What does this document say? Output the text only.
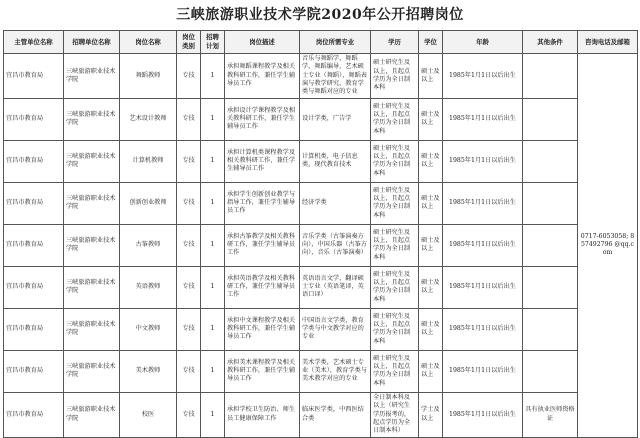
三峡旅游职业技术学院2020年公开招聘岗位
主管单位名称	招聘单位名称	岗位名称	岗位类别	招聘计划	岗位描述	岗位所需专业	学历	学位	年龄	其他条件	咨询电话及邮箱
宜昌市教育局	三峡旅游职业技术学院	舞蹈教师	专技	1	承担舞蹈课程教学及相关教科研工作，兼任学生辅导员工作	音乐与舞蹈学，舞蹈学，舞蹈编导，艺术硕士专业（舞蹈），舞蹈表演与教学研究，教育学类与舞蹈对应的专业	硕士研究生及以上，且起点学历为全日制本科	硕士及以上	1985年1月1日以后出生		0717-6053058; 857492796 @qq.com
宜昌市教育局	三峡旅游职业技术学院	艺术设计教师	专技	1	承担设计学课程教学及相关教科研工作，兼任学生辅导员工作	设计学类，广告学	硕士研究生及以上，且起点学历为全日制本科	硕士及以上	1985年1月1日以后出生		
宜昌市教育局	三峡旅游职业技术学院	计算机教师	专技	1	承担计算机类课程教学及相关教科研工作，兼任学生辅导员工作	计算机类，电子信息类，现代教育技术	硕士研究生及以上，且起点学历为全日制本科	硕士及以上	1985年1月1日以后出生		
宜昌市教育局	三峡旅游职业技术学院	创新创业教师	专技	1	承担学生创新创业教学与指导工作，兼任学生辅导员工作	经济学类	硕士研究生及以上，且起点学历为全日制本科	硕士及以上	1985年1月1日以后出生		
宜昌市教育局	三峡旅游职业技术学院	古筝教师	专技	1	承担古筝教学及相关教科研工作，兼任学生辅导员工作	音乐学类（古筝演奏方向），中国乐器（古筝方向），音乐（古筝演奏）	硕士研究生及以上，且起点学历为全日制本科	硕士及以上	1985年1月1日以后出生		
宜昌市教育局	三峡旅游职业技术学院	英语教师	专技	1	承担英语教学及相关教科研工作，兼任学生辅导员工作	英语语言文学，翻译硕士专业（英语笔译，英语口译）	硕士研究生及以上，且起点学历为全日制本科	硕士及以上	1985年1月1日以后出生		
宜昌市教育局	三峡旅游职业技术学院	中文教师	专技	1	承担中文课程教学及相关教科研工作，兼任学生辅导员工作	中国语言文学类，教育学类与中文教学对应的专业	硕士研究生及以上，且起点学历为全日制本科	硕士及以上	1985年1月1日以后出生		
宜昌市教育局	三峡旅游职业技术学院	美术教师	专技	1	承担美术课程教学及相关教科研工作，兼任学生辅导员工作	美术学类，艺术硕士专业（美术），教育学类与美术教学对应的专业	硕士研究生及以上，且起点学历为全日制本科	硕士及以上	1985年1月1日以后出生		
宜昌市教育局	三峡旅游职业技术学院	校医	专技	1	承担学校卫生防治、师生员工健康保障工作	临床医学类，中西医结合类	全日制本科及以上（研究生学历报考的，起点学历为全日制本科）	学士及以上	1985年1月1日以后出生	具有执业医师资格证	
